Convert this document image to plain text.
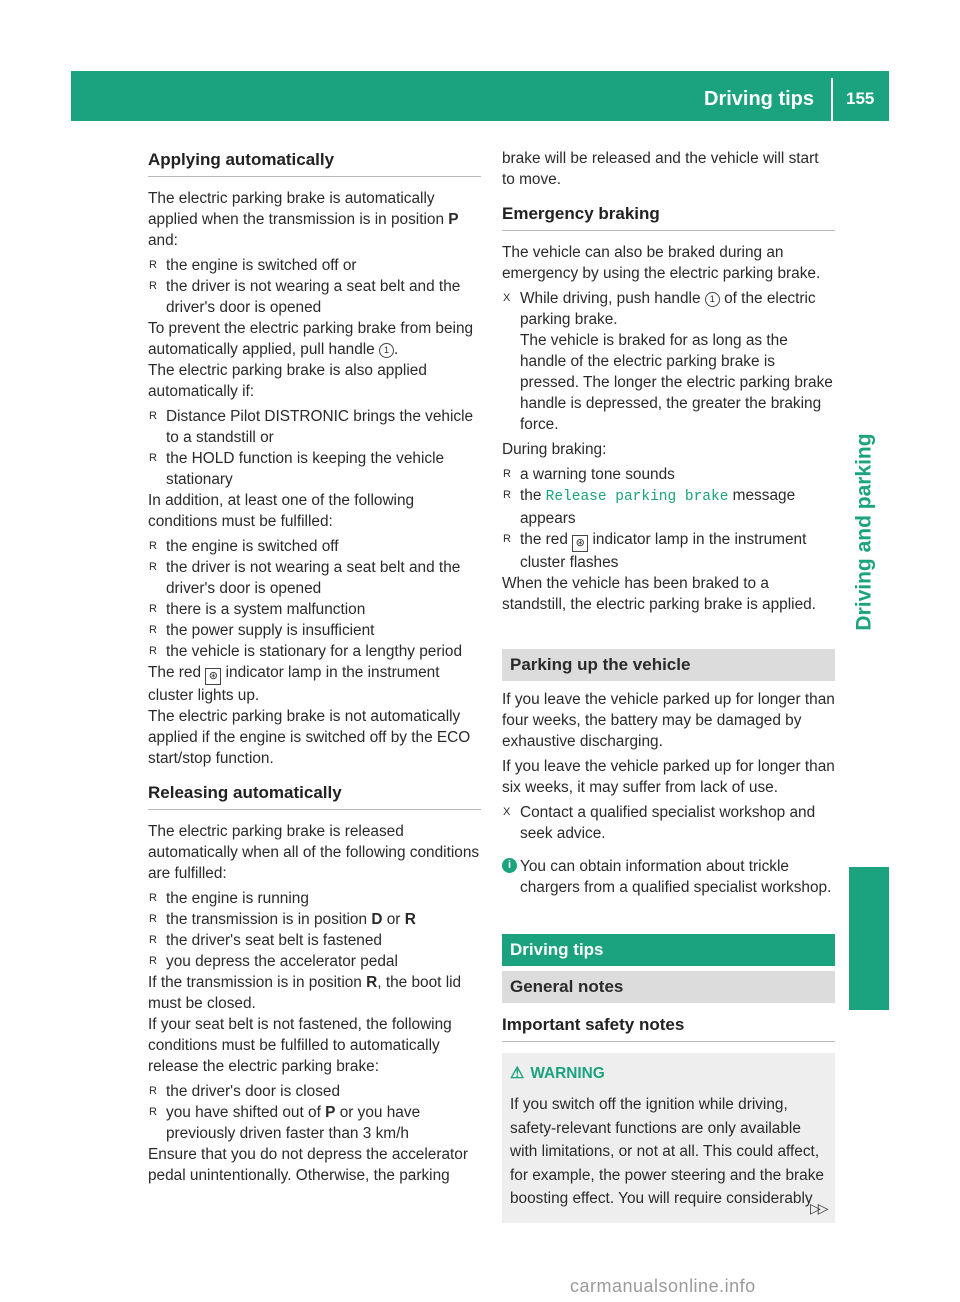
Driving tips 155
Driving and parking
Applying automatically

The electric parking brake is automatically applied when the transmission is in position P and:

R the engine is switched off or

R the driver is not wearing a seat belt and the driver's door is opened

To prevent the electric parking brake from being automatically applied, pull handle 1 .

The electric parking brake is also applied automatically if:

R Distance Pilot DISTRONIC brings the vehicle to a standstill or

R the HOLD function is keeping the vehicle stationary

In addition, at least one of the following conditions must be fulfilled:

R the engine is switched off

R the driver is not wearing a seat belt and the driver's door is opened

R there is a system malfunction

R the power supply is insufficient

R the vehicle is stationary for a lengthy period

The red ⊛ indicator lamp in the instrument cluster lights up.

The electric parking brake is not automatically applied if the engine is switched off by the ECO start/stop function.

Releasing automatically

The electric parking brake is released automatically when all of the following conditions are fulfilled:

R the engine is running

R the transmission is in position D or R

R the driver's seat belt is fastened

R you depress the accelerator pedal

If the transmission is in position R, the boot lid must be closed.

If your seat belt is not fastened, the following conditions must be fulfilled to automatically release the electric parking brake:

R the driver's door is closed

R you have shifted out of P or you have previously driven faster than 3 km/h

Ensure that you do not depress the accelerator pedal unintentionally. Otherwise, the parking

brake will be released and the vehicle will start to move.

Emergency braking

The vehicle can also be braked during an emergency by using the electric parking brake.

X While driving, push handle 1 of the electric parking brake.
The vehicle is braked for as long as the handle of the electric parking brake is pressed. The longer the electric parking brake handle is depressed, the greater the braking force.

During braking:

R a warning tone sounds

R the Release parking brake message appears

R the red ⊛ indicator lamp in the instrument cluster flashes

When the vehicle has been braked to a standstill, the electric parking brake is applied.

Parking up the vehicle

If you leave the vehicle parked up for longer than four weeks, the battery may be damaged by exhaustive discharging.

If you leave the vehicle parked up for longer than six weeks, it may suffer from lack of use.

X Contact a qualified specialist workshop and seek advice.

i You can obtain information about trickle chargers from a qualified specialist workshop.

Driving tips
General notes
Important safety notes

⚠ WARNING

If you switch off the ignition while driving, safety-relevant functions are only available with limitations, or not at all. This could affect, for example, the power steering and the brake boosting effect. You will require considerably

▷▷
carmanualsonline.info
